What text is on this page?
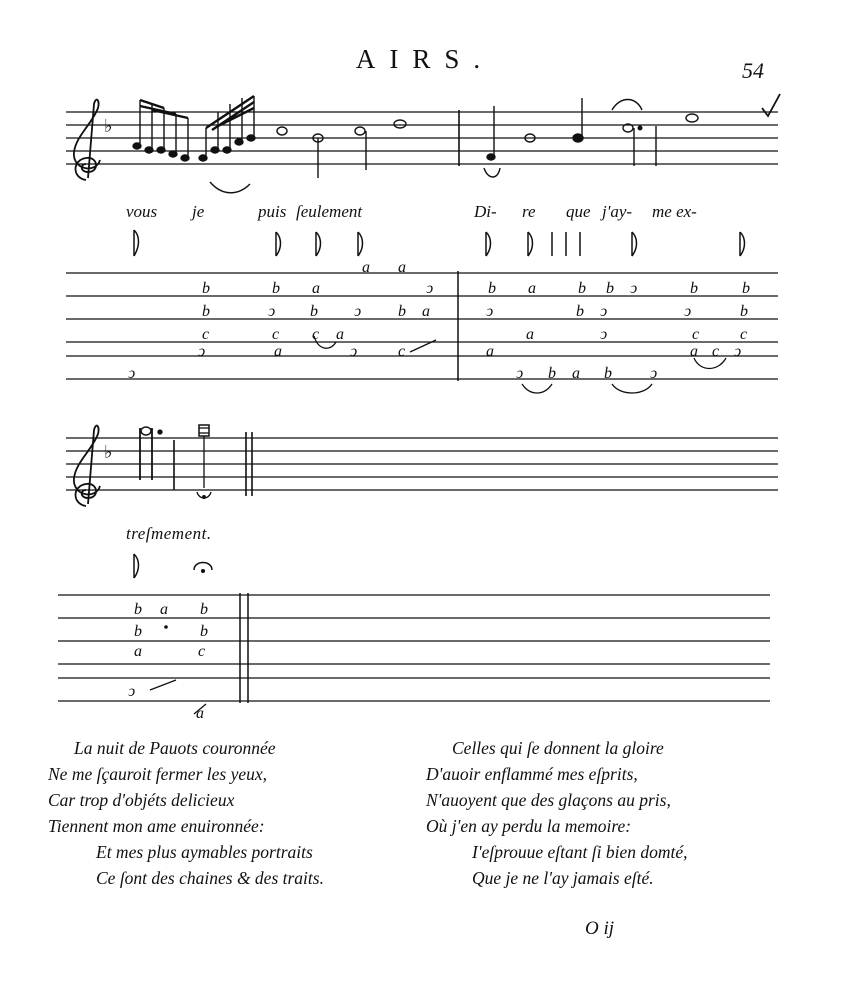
AIRS.	54
♭
vous je	puis ſeulement	Di- re que j'ay- me ex-
a a
b	b a	ↄ	b a	b b ↄ	b	b
b	ↄ b ↄ b a	ↄ	b ↄ	ↄ	b
c	c c a	a	ↄ	c	c
ↄ	a	ↄ	c	a	a c ↄ
ↄ	ↄ b a b ↄ
♭
treſmement.
b a b
b	b
a	c
ↄ
a
La nuit de Pauots couronnée
Ne me ſçauroit fermer les yeux,
Car trop d'objéts delicieux
Tiennent mon ame enuironnée:
Et mes plus aymables portraits
Ce ſont des chaines & des traits.
Celles qui ſe donnent la gloire
D'auoir enflammé mes eſprits,
N'auoyent que des glaçons au pris,
Où j'en ay perdu la memoire:
I'eſprouue eſtant ſi bien domté,
Que je ne l'ay jamais eſté.
O ij
